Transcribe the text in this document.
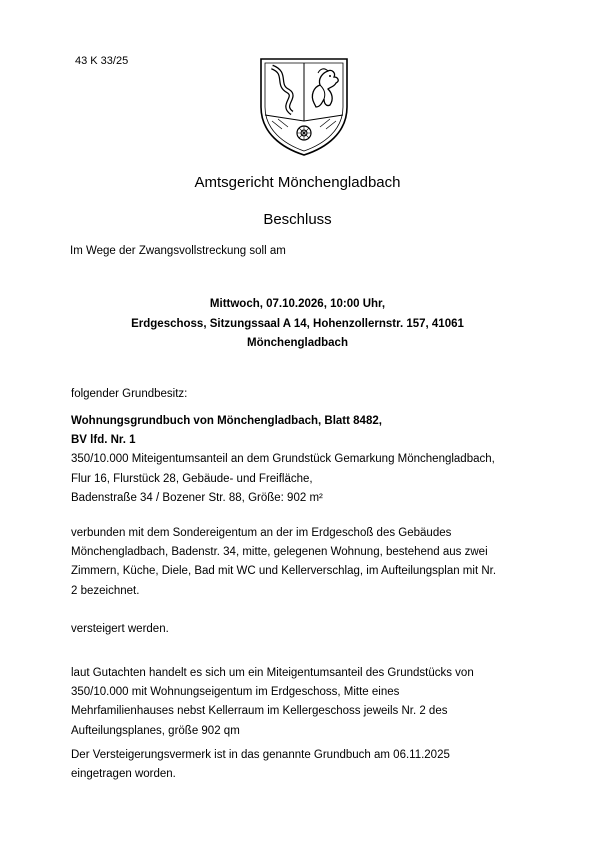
43 K 33/25
Amtsgericht Mönchengladbach
Beschluss
Im Wege der Zwangsvollstreckung soll am
Mittwoch, 07.10.2026, 10:00 Uhr,
Erdgeschoss, Sitzungssaal A 14, Hohenzollernstr. 157, 41061
Mönchengladbach
folgender Grundbesitz:
Wohnungsgrundbuch von Mönchengladbach, Blatt 8482,
BV lfd. Nr. 1
350/10.000 Miteigentumsanteil an dem Grundstück Gemarkung Mönchengladbach,
Flur 16, Flurstück 28, Gebäude- und Freifläche,
Badenstraße 34 / Bozener Str. 88, Größe: 902 m²
verbunden mit dem Sondereigentum an der im Erdgeschoß des Gebäudes
Mönchengladbach, Badenstr. 34, mitte, gelegenen Wohnung, bestehend aus zwei
Zimmern, Küche, Diele, Bad mit WC und Kellerverschlag, im Aufteilungsplan mit Nr.
2 bezeichnet.
versteigert werden.
laut Gutachten handelt es sich um ein Miteigentumsanteil des Grundstücks von
350/10.000 mit Wohnungseigentum im Erdgeschoss, Mitte eines
Mehrfamilienhauses nebst Kellerraum im Kellergeschoss jeweils Nr. 2 des
Aufteilungsplanes, größe 902 qm
Der Versteigerungsvermerk ist in das genannte Grundbuch am 06.11.2025
eingetragen worden.
